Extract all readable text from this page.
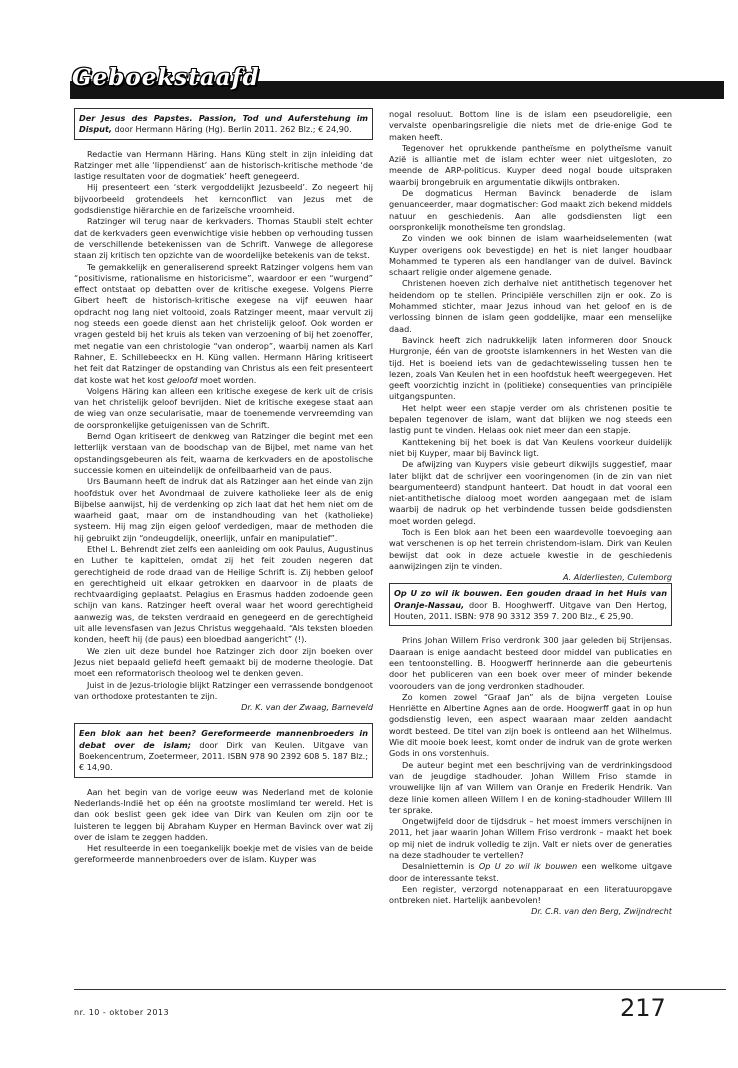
Geboekstaafd
Der Jesus des Papstes. Passion, Tod und Auferstehung im Disput, door Hermann Häring (Hg). Berlin 2011. 262 Blz.; € 24,90.

Redactie van Hermann Häring. Hans Küng stelt in zijn inleiding dat Ratzinger met alle ‘lippendienst’ aan de historisch-kritische methode ‘de lastige resultaten voor de dogmatiek’ heeft genegeerd.

Hij presenteert een ‘sterk vergoddelijkt Jezusbeeld’. Zo negeert hij bijvoorbeeld grotendeels het kernconflict van Jezus met de godsdienstige hiërarchie en de farizeïsche vroomheid.

Ratzinger wil terug naar de kerkvaders. Thomas Staubli stelt echter dat de kerkvaders geen evenwichtige visie hebben op verhouding tussen de verschillende betekenissen van de Schrift. Vanwege de allegorese staan zij kritisch ten opzichte van de woordelijke betekenis van de tekst.

Te gemakkelijk en generaliserend spreekt Ratzinger volgens hem van “positivisme, rationalisme en historicisme”, waardoor er een “wurgend” effect ontstaat op debatten over de kritische exegese. Volgens Pierre Gibert heeft de historisch-kritische exegese na vijf eeuwen haar opdracht nog lang niet voltooid, zoals Ratzinger meent, maar vervult zij nog steeds een goede dienst aan het christelijk geloof. Ook worden er vragen gesteld bij het kruis als teken van verzoening of bij het zoenoffer, met negatie van een christologie “van onderop”, waarbij namen als Karl Rahner, E. Schillebeeckx en H. Küng vallen. Hermann Häring kritiseert het feit dat Ratzinger de opstanding van Christus als een feit presenteert dat koste wat het kost geloofd moet worden.

Volgens Häring kan alleen een kritische exegese de kerk uit de crisis van het christelijk geloof bevrijden. Niet de kritische exegese staat aan de wieg van onze secularisatie, maar de toenemende vervreemding van de oorspronkelijke getuigenissen van de Schrift.

Bernd Ogan kritiseert de denkweg van Ratzinger die begint met een letterlijk verstaan van de boodschap van de Bijbel, met name van het opstandingsgebeuren als feit, waarna de kerkvaders en de apostolische successie komen en uiteindelijk de onfeilbaarheid van de paus.

Urs Baumann heeft de indruk dat als Ratzinger aan het einde van zijn hoofdstuk over het Avondmaal de zuivere katholieke leer als de enig Bijbelse aanwijst, hij de verdenking op zich laat dat het hem niet om de waarheid gaat, maar om de instandhouding van het (katholieke) systeem. Hij mag zijn eigen geloof verdedigen, maar de methoden die hij gebruikt zijn “ondeugdelijk, oneerlijk, unfair en manipulatief”.

Ethel L. Behrendt ziet zelfs een aanleiding om ook Paulus, Augustinus en Luther te kapittelen, omdat zij het feit zouden negeren dat gerechtigheid de rode draad van de Heilige Schrift is. Zij hebben geloof en gerechtigheid uit elkaar getrokken en daarvoor in de plaats de rechtvaardiging geplaatst. Pelagius en Erasmus hadden zodoende geen schijn van kans. Ratzinger heeft overal waar het woord gerechtigheid aanwezig was, de teksten verdraaid en genegeerd en de gerechtigheid uit alle levensfasen van Jezus Christus weggehaald. “Als teksten bloeden konden, heeft hij (de paus) een bloedbad aangericht” (!).

We zien uit deze bundel hoe Ratzinger zich door zijn boeken over Jezus niet bepaald geliefd heeft gemaakt bij de moderne theologie. Dat moet een reformatorisch theoloog wel te denken geven.

Juist in de Jezus-triologie blijkt Ratzinger een verrassende bondgenoot van orthodoxe protestanten te zijn.

Dr. K. van der Zwaag, Barneveld

Een blok aan het been? Gereformeerde mannenbroeders in debat over de islam; door Dirk van Keulen. Uitgave van Boekencentrum, Zoetermeer, 2011. ISBN 978 90 2392 608 5. 187 Blz.; € 14,90.

Aan het begin van de vorige eeuw was Nederland met de kolonie Nederlands-Indië het op één na grootste moslimland ter wereld. Het is dan ook beslist geen gek idee van Dirk van Keulen om zijn oor te luisteren te leggen bij Abraham Kuyper en Herman Bavinck over wat zij over de islam te zeggen hadden.

Het resulteerde in een toegankelijk boekje met de visies van de beide gereformeerde mannenbroeders over de islam. Kuyper was

nogal resoluut. Bottom line is de islam een pseudoreligie, een vervalste openbaringsreligie die niets met de drie-enige God te maken heeft.

Tegenover het oprukkende pantheïsme en polytheïsme vanuit Azië is alliantie met de islam echter weer niet uitgesloten, zo meende de ARP-politicus. Kuyper deed nogal boude uitspraken waarbij brongebruik en argumentatie dikwijls ontbraken.

De dogmaticus Herman Bavinck benaderde de islam genuanceerder, maar dogmatischer: God maakt zich bekend middels natuur en geschiedenis. Aan alle godsdiensten ligt een oorspronkelijk monotheïsme ten grondslag.

Zo vinden we ook binnen de islam waarheidselementen (wat Kuyper overigens ook bevestigde) en het is niet langer houdbaar Mohammed te typeren als een handlanger van de duivel. Bavinck schaart religie onder algemene genade.

Christenen hoeven zich derhalve niet antithetisch tegenover het heidendom op te stellen. Principiële verschillen zijn er ook. Zo is Mohammed stichter, maar Jezus inhoud van het geloof en is de verlossing binnen de islam geen goddelijke, maar een menselijke daad.

Bavinck heeft zich nadrukkelijk laten informeren door Snouck Hurgronje, één van de grootste islamkenners in het Westen van die tijd. Het is boeiend iets van de gedachtewisseling tussen hen te lezen, zoals Van Keulen het in een hoofdstuk heeft weergegeven. Het geeft voorzichtig inzicht in (politieke) consequenties van principiële uitgangspunten.

Het helpt weer een stapje verder om als christenen positie te bepalen tegenover de islam, want dat blijken we nog steeds een lastig punt te vinden. Helaas ook niet meer dan een stapje.

Kanttekening bij het boek is dat Van Keulens voorkeur duidelijk niet bij Kuyper, maar bij Bavinck ligt.

De afwijzing van Kuypers visie gebeurt dikwijls suggestief, maar later blijkt dat de schrijver een vooringenomen (in de zin van niet beargumenteerd) standpunt hanteert. Dat houdt in dat vooral een niet-antithetische dialoog moet worden aangegaan met de islam waarbij de nadruk op het verbindende tussen beide godsdiensten moet worden gelegd.

Toch is Een blok aan het been een waardevolle toevoeging aan wat verschenen is op het terrein christendom-islam. Dirk van Keulen bewijst dat ook in deze actuele kwestie in de geschiedenis aanwijzingen zijn te vinden.

A. Alderliesten, Culemborg

Op U zo wil ik bouwen. Een gouden draad in het Huis van Oranje-Nassau, door B. Hooghwerff. Uitgave van Den Hertog, Houten, 2011. ISBN: 978 90 3312 359 7. 200 Blz., € 25,90.

Prins Johan Willem Friso verdronk 300 jaar geleden bij Strijensas. Daaraan is enige aandacht besteed door middel van publicaties en een tentoonstelling. B. Hoogwerff herinnerde aan die gebeurtenis door het publiceren van een boek over meer of minder bekende voorouders van de jong verdronken stadhouder.

Zo komen zowel “Graaf Jan” als de bijna vergeten Louise Henriëtte en Albertine Agnes aan de orde. Hoogwerff gaat in op hun godsdienstig leven, een aspect waaraan maar zelden aandacht wordt besteed. De titel van zijn boek is ontleend aan het Wilhelmus. Wie dit mooie boek leest, komt onder de indruk van de grote werken Gods in ons vorstenhuis.

De auteur begint met een beschrijving van de verdrinkingsdood van de jeugdige stadhouder. Johan Willem Friso stamde in vrouwelijke lijn af van Willem van Oranje en Frederik Hendrik. Van deze linie komen alleen Willem I en de koning-stadhouder Willem III ter sprake.

Ongetwijfeld door de tijdsdruk – het moest immers verschijnen in 2011, het jaar waarin Johan Willem Friso verdronk – maakt het boek op mij niet de indruk volledig te zijn. Valt er niets over de generaties na deze stadhouder te vertellen?

Desalniettemin is Op U zo wil ik bouwen een welkome uitgave door de interessante tekst.

Een register, verzorgd notenapparaat en een literatuuropgave ontbreken niet. Hartelijk aanbevolen!

Dr. C.R. van den Berg, Zwijndrecht

nr. 10 - oktober 2013	217
